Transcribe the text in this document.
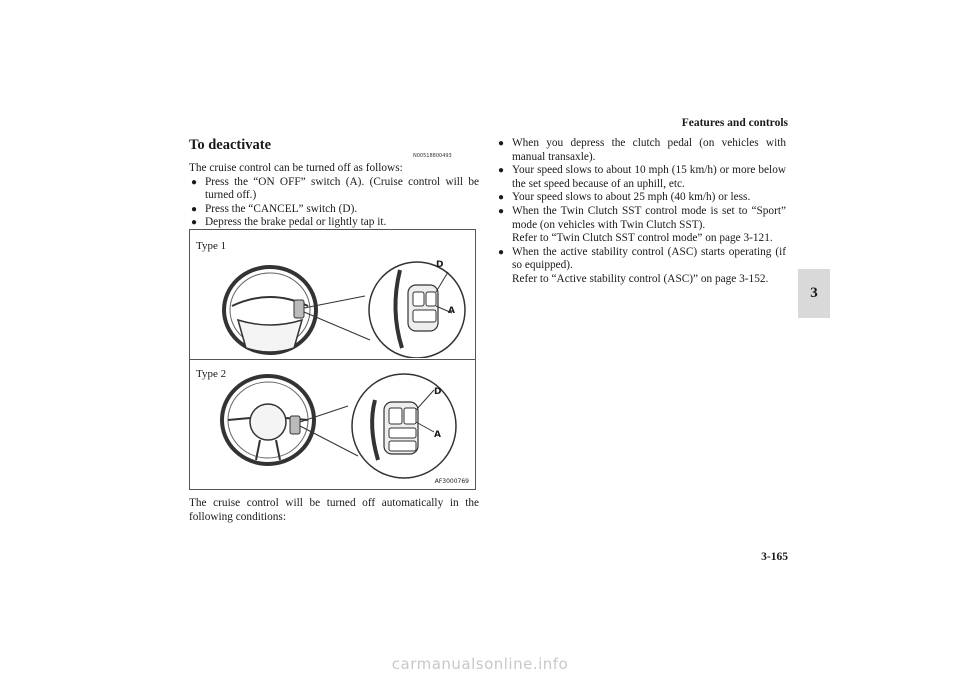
Features and controls
3
3-165
To deactivate
N00518800493
The cruise control can be turned off as follows:
● Press the “ON OFF” switch (A). (Cruise control will be turned off.)
● Press the “CANCEL” switch (D).
● Depress the brake pedal or lightly tap it.
Type 1
Type 2
D
A
D
A
AF3000769
The cruise control will be turned off automatically in the following conditions:
● When you depress the clutch pedal (on vehicles with manual transaxle).
● Your speed slows to about 10 mph (15 km/h) or more below the set speed because of an uphill, etc.
● Your speed slows to about 25 mph (40 km/h) or less.
● When the Twin Clutch SST control mode is set to “Sport” mode (on vehicles with Twin Clutch SST).
Refer to “Twin Clutch SST control mode” on page 3-121.
● When the active stability control (ASC) starts operating (if so equipped).
Refer to “Active stability control (ASC)” on page 3-152.
carmanualsonline.info
